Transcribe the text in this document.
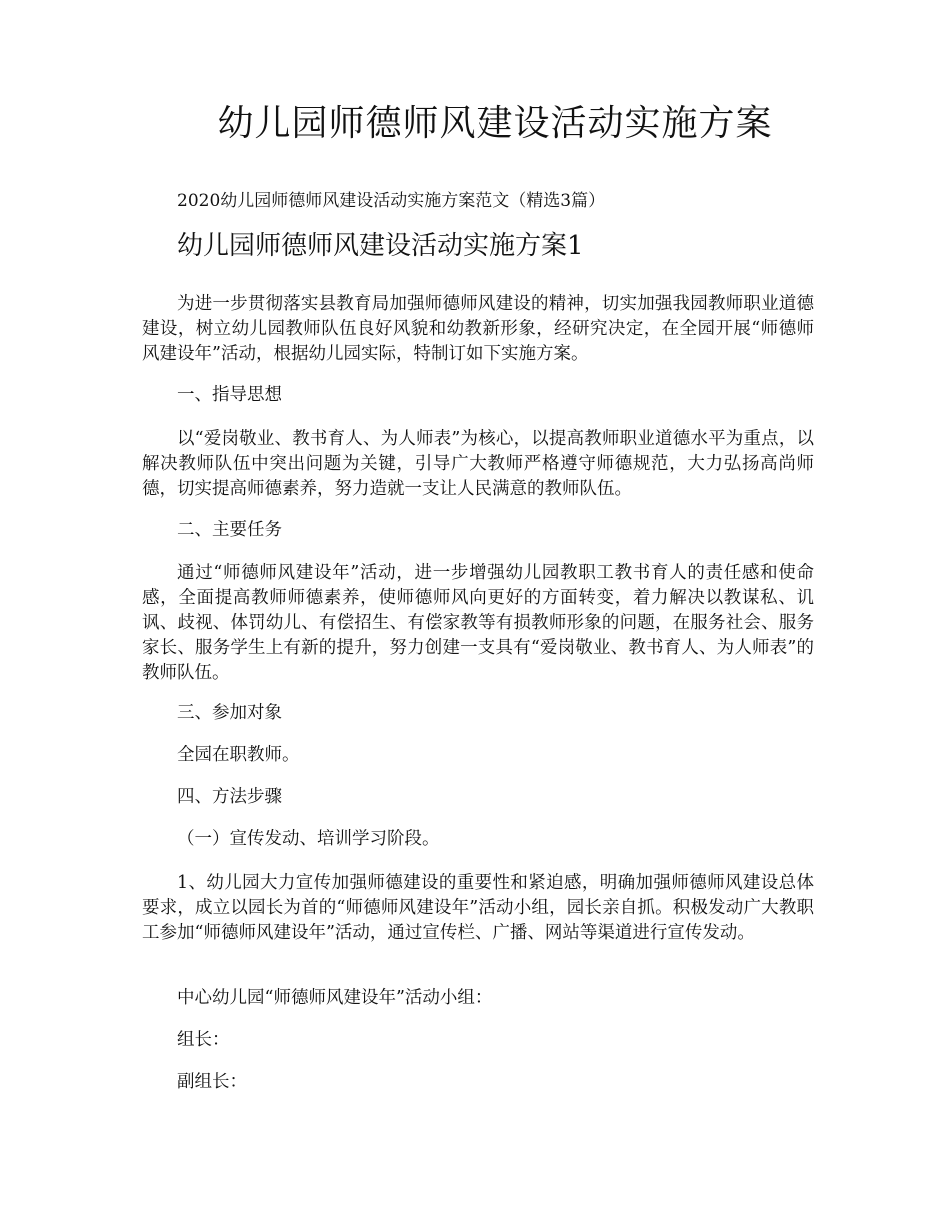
幼儿园师德师风建设活动实施方案
2020幼儿园师德师风建设活动实施方案范文（精选3篇）
幼儿园师德师风建设活动实施方案1

为进一步贯彻落实县教育局加强师德师风建设的精神，切实加强我园教师职业道德建设，树立幼儿园教师队伍良好风貌和幼教新形象，经研究决定，在全园开展“师德师风建设年”活动，根据幼儿园实际，特制订如下实施方案。

一、指导思想

以“爱岗敬业、教书育人、为人师表”为核心，以提高教师职业道德水平为重点，以解决教师队伍中突出问题为关键，引导广大教师严格遵守师德规范，大力弘扬高尚师德，切实提高师德素养，努力造就一支让人民满意的教师队伍。

二、主要任务

通过“师德师风建设年”活动，进一步增强幼儿园教职工教书育人的责任感和使命感，全面提高教师师德素养，使师德师风向更好的方面转变，着力解决以教谋私、讥讽、歧视、体罚幼儿、有偿招生、有偿家教等有损教师形象的问题，在服务社会、服务家长、服务学生上有新的提升，努力创建一支具有“爱岗敬业、教书育人、为人师表”的教师队伍。

三、参加对象
全园在职教师。
四、方法步骤
（一）宣传发动、培训学习阶段。

1、幼儿园大力宣传加强师德建设的重要性和紧迫感，明确加强师德师风建设总体要求，成立以园长为首的“师德师风建设年”活动小组，园长亲自抓。积极发动广大教职工参加“师德师风建设年”活动，通过宣传栏、广播、网站等渠道进行宣传发动。

中心幼儿园“师德师风建设年”活动小组：
组长：
副组长：
